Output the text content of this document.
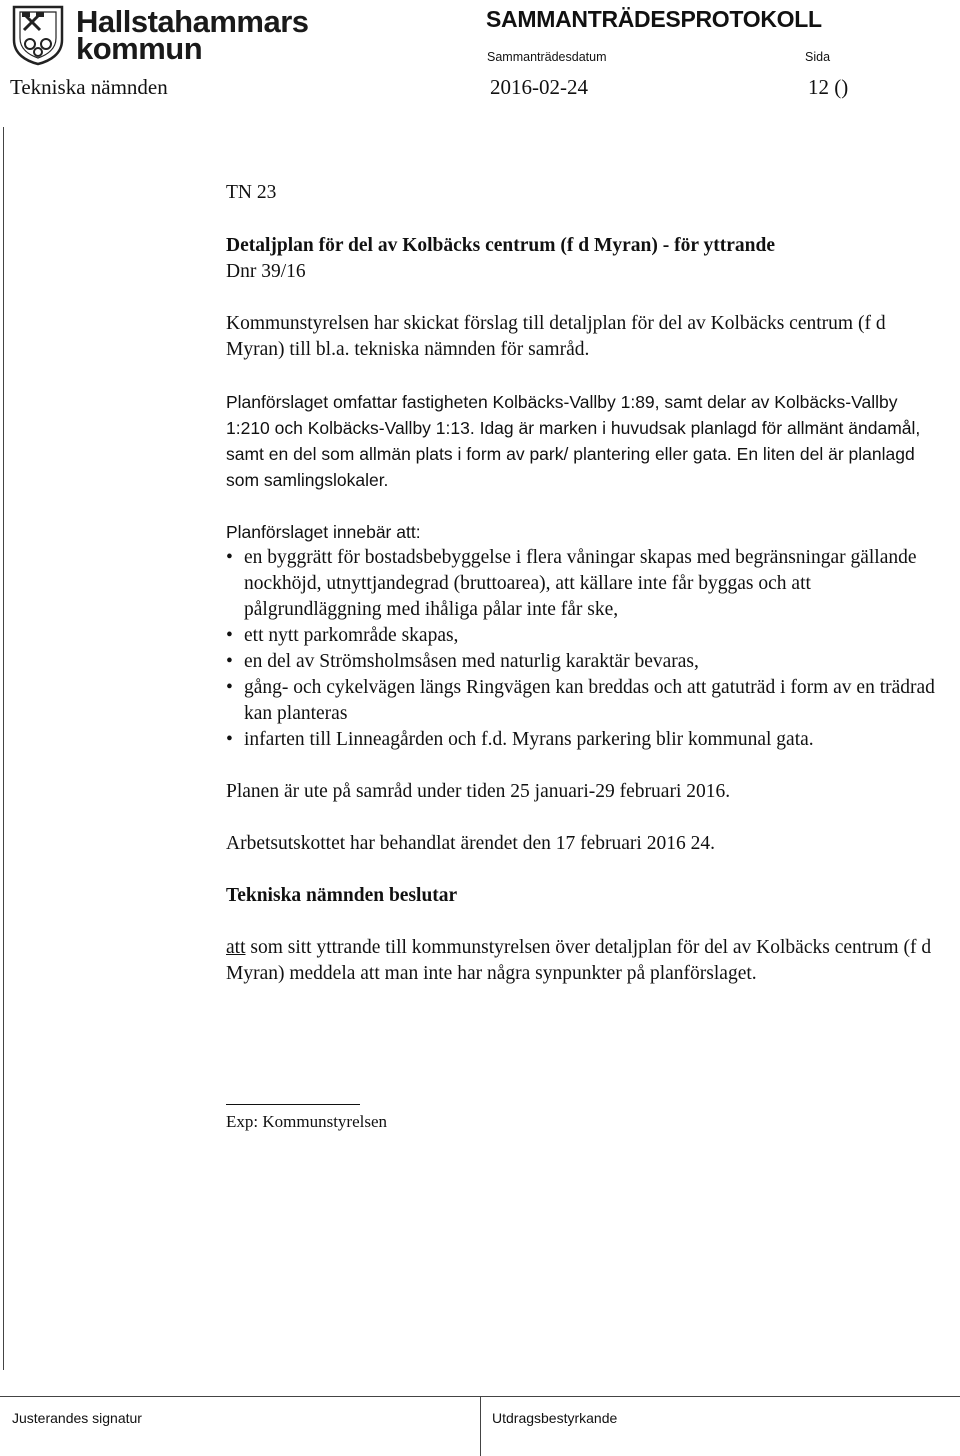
Hallstahammars
kommun
SAMMANTRÄDESPROTOKOLL
Sammanträdesdatum	Sida
Tekniska nämnden	2016-02-24	12 ()

TN 23

Detaljplan för del av Kolbäcks centrum (f d Myran) - för yttrande

Dnr 39/16

Kommunstyrelsen har skickat förslag till detaljplan för del av Kolbäcks centrum (f d Myran) till bl.a. tekniska nämnden för samråd.

Planförslaget omfattar fastigheten Kolbäcks-Vallby 1:89, samt delar av Kolbäcks-Vallby 1:210 och Kolbäcks-Vallby 1:13. Idag är marken i huvudsak planlagd för allmänt ändamål, samt en del som allmän plats i form av park/ plantering eller gata. En liten del är planlagd som samlingslokaler.

Planförslaget innebär att:

• en byggrätt för bostadsbebyggelse i flera våningar skapas med begränsningar gällande nockhöjd, utnyttjandegrad (bruttoarea), att källare inte får byggas och att pålgrundläggning med ihåliga pålar inte får ske,
• ett nytt parkområde skapas,
• en del av Strömsholmsåsen med naturlig karaktär bevaras,
• gång- och cykelvägen längs Ringvägen kan breddas och att gatuträd i form av en trädrad kan planteras
• infarten till Linneagården och f.d. Myrans parkering blir kommunal gata.

Planen är ute på samråd under tiden 25 januari-29 februari 2016.

Arbetsutskottet har behandlat ärendet den 17 februari 2016 24.

Tekniska nämnden beslutar

att som sitt yttrande till kommunstyrelsen över detaljplan för del av Kolbäcks centrum (f d Myran) meddela att man inte har några synpunkter på planförslaget.

Exp: Kommunstyrelsen
Justerandes signatur	Utdragsbestyrkande
